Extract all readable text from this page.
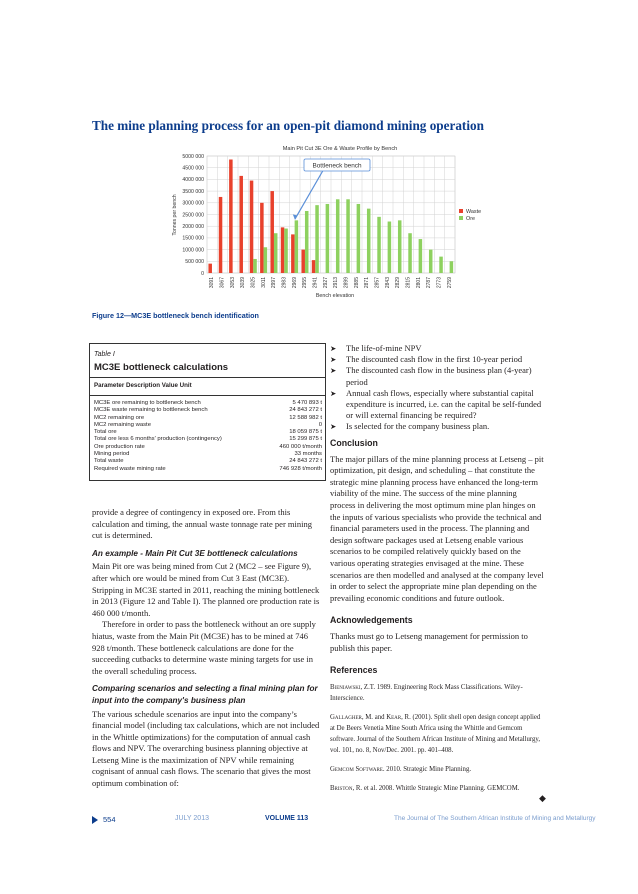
The mine planning process for an open-pit diamond mining operation
Main Pit Cut 3E Ore & Waste Profile by Bench
0
500 000
1000 000
1500 000
2000 000
2500 000
3000 000
3500 000
4000 000
4500 000
5000 000
3091 3067 3053 3039 3025 3011 2997 2983 2969 2955 2941 2927 2913 2899 2885 2871 2857 2843 2829 2815 2801 2787 2773 2759
Tonnes per bench
Bench elevation
Waste
Ore
Bottleneck bench
Figure 12—MC3E bottleneck bench identification
Table I
MC3E bottleneck calculations
Parameter Description Value Unit
MC3E ore remaining to bottleneck bench	5 470 893 t
MC3E waste remaining to bottleneck bench	24 843 272 t
MC2 remaining ore	12 588 982 t
MC2 remaining waste	0
Total ore	18 059 875 t
Total ore less 6 months' production (contingency)	15 299 875 t
Ore production rate	460 000 t/month
Mining period	33 months
Total waste	24 843 272 t
Required waste mining rate	746 928 t/month

provide a degree of contingency in exposed ore. From this calculation and timing, the annual waste tonnage rate per mining cut is determined.

An example - Main Pit Cut 3E bottleneck calculations

Main Pit ore was being mined from Cut 2 (MC2 – see Figure 9), after which ore would be mined from Cut 3 East (MC3E). Stripping in MC3E started in 2011, reaching the mining bottleneck in 2013 (Figure 12 and Table I). The planned ore production rate is 460 000 t/month.

Therefore in order to pass the bottleneck without an ore supply hiatus, waste from the Main Pit (MC3E) has to be mined at 746 928 t/month. These bottleneck calculations are done for the succeeding cutbacks to determine waste mining targets for use in the overall scheduling process.

Comparing scenarios and selecting a final mining plan for input into the company's business plan

The various schedule scenarios are input into the company’s financial model (including tax calculations, which are not included in the Whittle optimizations) for the computation of annual cash flows and NPV. The overarching business planning objective at Letseng Mine is the maximization of NPV while remaining cognisant of annual cash flows. The scenario that gives the most optimum combination of:

➤	The life-of-mine NPV
➤	The discounted cash flow in the first 10-year period
➤	The discounted cash flow in the business plan (4-year) period
➤	Annual cash flows, especially where substantial capital expenditure is incurred, i.e. can the capital be self-funded or will external financing be required?
➤	Is selected for the company business plan.

Conclusion

The major pillars of the mine planning process at Letseng – pit optimization, pit design, and scheduling – that constitute the strategic mine planning process have enhanced the long-term viability of the mine. The success of the mine planning process in delivering the most optimum mine plan hinges on the inputs of various specialists who provide the technical and financial parameters used in the process. The planning and design software packages used at Letseng enable various scenarios to be compiled relatively quickly based on the various operating strategies envisaged at the mine. These scenarios are then modelled and analysed at the company level in order to select the appropriate mine plan depending on the prevailing economic conditions and future outlook.

Acknowledgements

Thanks must go to Letseng management for permission to publish this paper.

References

Bieniawski, Z.T. 1989. Engineering Rock Mass Classifications. Wiley-Interscience.
Gallagher, M. and Kear, R. (2001). Split shell open design concept applied at De Beers Venetia Mine South Africa using the Whittle and Gemcom software. Journal of the Southern African Institute of Mining and Metallurgy, vol. 101, no. 8, Nov/Dec. 2001. pp. 401–408.
Gemcom Software. 2010. Strategic Mine Planning.
Briston, R. et al. 2008. Whittle Strategic Mine Planning. GEMCOM.
◆
554	JULY 2013	VOLUME 113	The Journal of The Southern African Institute of Mining and Metallurgy
